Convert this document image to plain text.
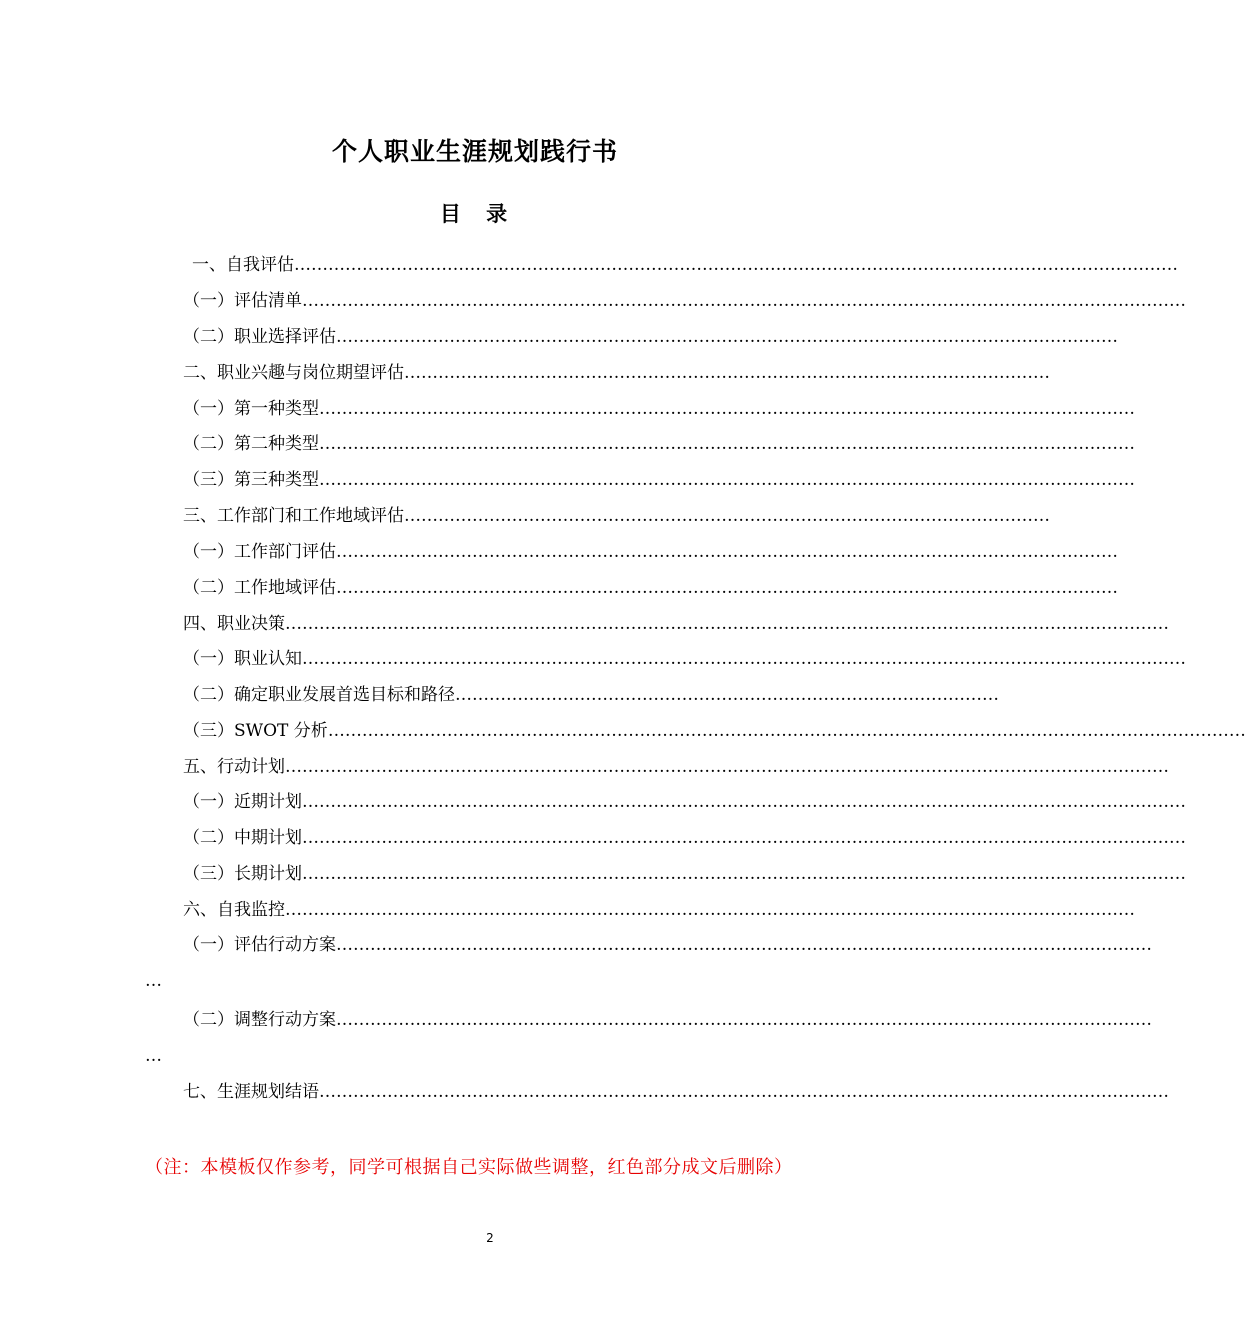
个人职业生涯规划践行书
目 录
一、自我评估…………………………………………………………………………………………………………………………………………
（一）评估清单…………………………………………………………………………………………………………………………………………
（二）职业选择评估…………………………………………………………………………………………………………………………
二、职业兴趣与岗位期望评估……………………………………………………………………………………………………
（一）第一种类型………………………………………………………………………………………………………………………………
（二）第二种类型………………………………………………………………………………………………………………………………
（三）第三种类型………………………………………………………………………………………………………………………………
三、工作部门和工作地域评估……………………………………………………………………………………………………
（一）工作部门评估…………………………………………………………………………………………………………………………
（二）工作地域评估…………………………………………………………………………………………………………………………
四、职业决策…………………………………………………………………………………………………………………………………………
（一）职业认知…………………………………………………………………………………………………………………………………………
（二）确定职业发展首选目标和路径……………………………………………………………………………………
（三）SWOT 分析………………………………………………………………………………………………………………………………………………
五、行动计划…………………………………………………………………………………………………………………………………………
（一）近期计划…………………………………………………………………………………………………………………………………………
（二）中期计划…………………………………………………………………………………………………………………………………………
（三）长期计划…………………………………………………………………………………………………………………………………………
六、自我监控……………………………………………………………………………………………………………………………………
（一）评估行动方案………………………………………………………………………………………………………………………………
…
（二）调整行动方案………………………………………………………………………………………………………………………………
…
七、生涯规划结语……………………………………………………………………………………………………………………………………
（注：本模板仅作参考，同学可根据自己实际做些调整，红色部分成文后删除）
2
